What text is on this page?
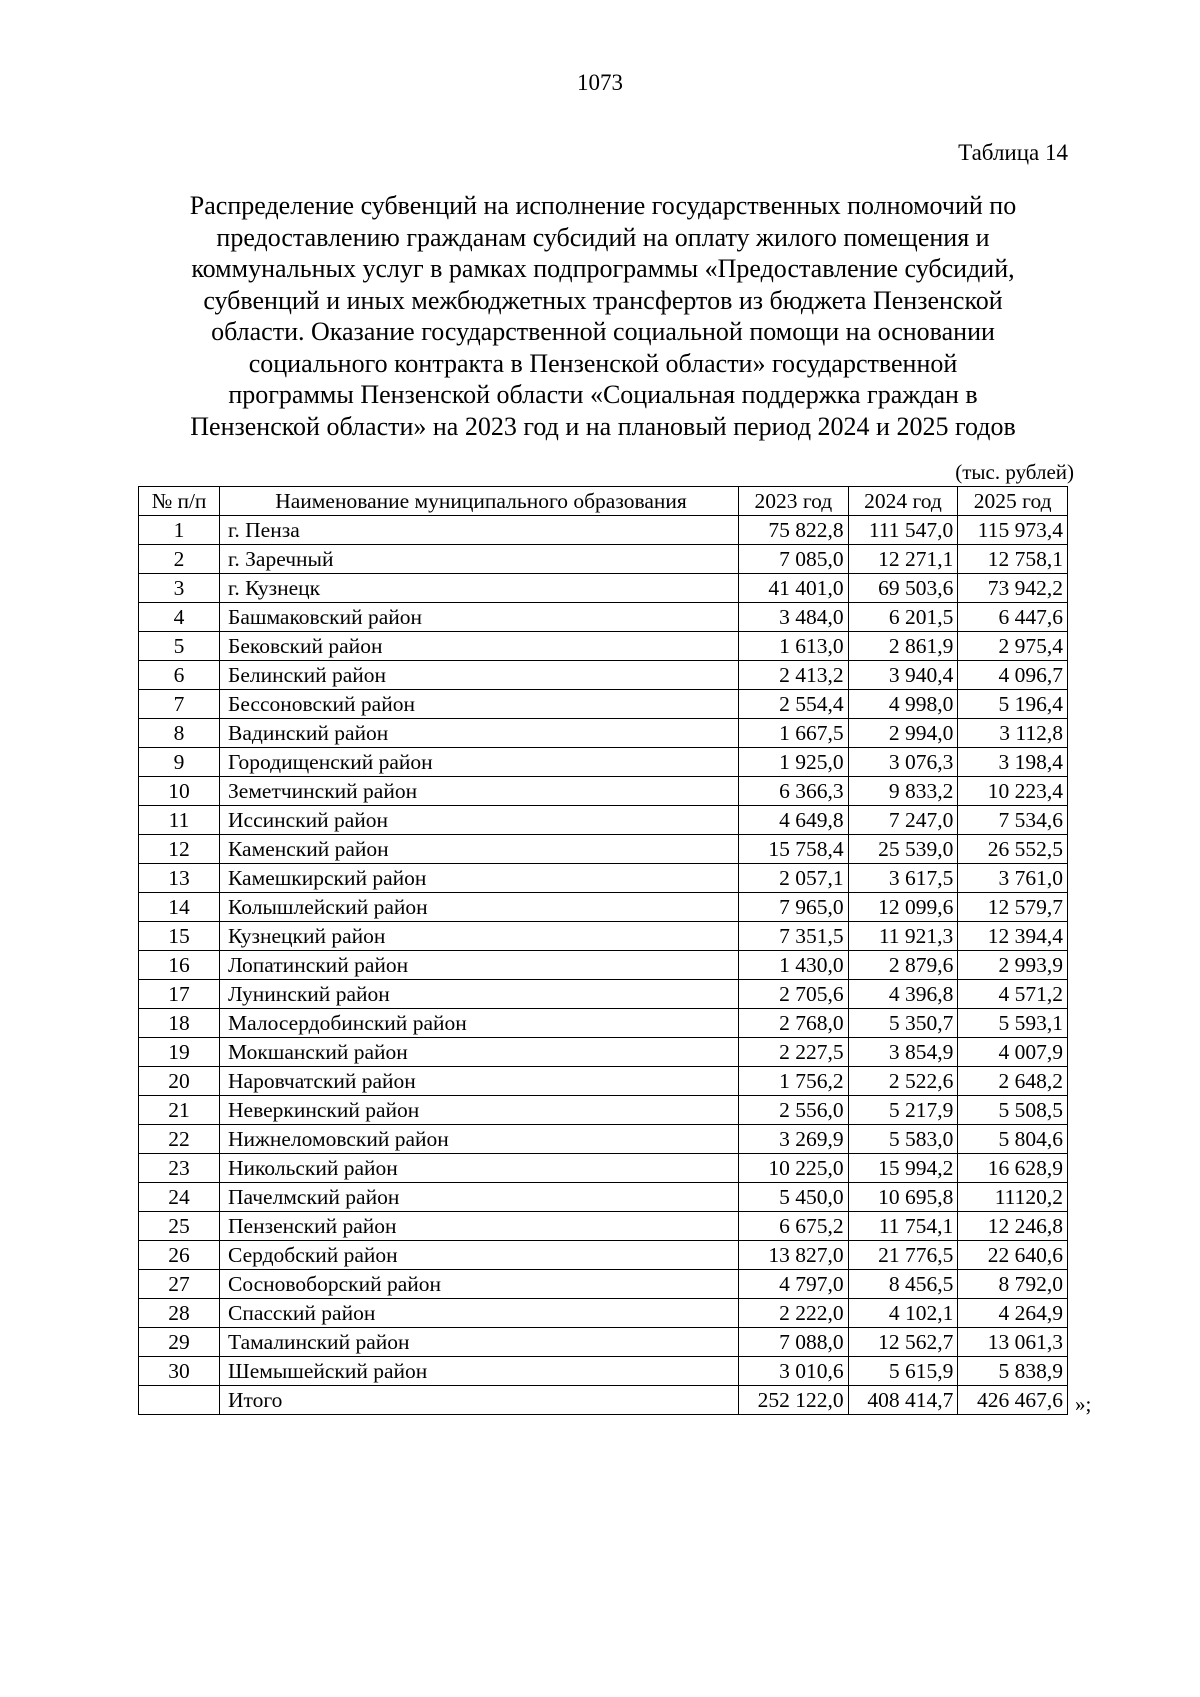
1073
Таблица 14
Распределение субвенций на исполнение государственных полномочий по
предоставлению гражданам субсидий на оплату жилого помещения и
коммунальных услуг в рамках подпрограммы «Предоставление субсидий,
субвенций и иных межбюджетных трансфертов из бюджета Пензенской
области. Оказание государственной социальной помощи на основании
социального контракта в Пензенской области» государственной
программы Пензенской области «Социальная поддержка граждан в
Пензенской области» на 2023 год и на плановый период 2024 и 2025 годов
(тыс. рублей)
№ п/п	Наименование муниципального образования	2023 год	2024 год	2025 год
1	г. Пенза	75 822,8	111 547,0	115 973,4
2	г. Заречный	7 085,0	12 271,1	12 758,1
3	г. Кузнецк	41 401,0	69 503,6	73 942,2
4	Башмаковский район	3 484,0	6 201,5	6 447,6
5	Бековский район	1 613,0	2 861,9	2 975,4
6	Белинский район	2 413,2	3 940,4	4 096,7
7	Бессоновский район	2 554,4	4 998,0	5 196,4
8	Вадинский район	1 667,5	2 994,0	3 112,8
9	Городищенский район	1 925,0	3 076,3	3 198,4
10	Земетчинский район	6 366,3	9 833,2	10 223,4
11	Иссинский район	4 649,8	7 247,0	7 534,6
12	Каменский район	15 758,4	25 539,0	26 552,5
13	Камешкирский район	2 057,1	3 617,5	3 761,0
14	Колышлейский район	7 965,0	12 099,6	12 579,7
15	Кузнецкий район	7 351,5	11 921,3	12 394,4
16	Лопатинский район	1 430,0	2 879,6	2 993,9
17	Лунинский район	2 705,6	4 396,8	4 571,2
18	Малосердобинский район	2 768,0	5 350,7	5 593,1
19	Мокшанский район	2 227,5	3 854,9	4 007,9
20	Наровчатский район	1 756,2	2 522,6	2 648,2
21	Неверкинский район	2 556,0	5 217,9	5 508,5
22	Нижнеломовский район	3 269,9	5 583,0	5 804,6
23	Никольский район	10 225,0	15 994,2	16 628,9
24	Пачелмский район	5 450,0	10 695,8	11120,2
25	Пензенский район	6 675,2	11 754,1	12 246,8
26	Сердобский район	13 827,0	21 776,5	22 640,6
27	Сосновоборский район	4 797,0	8 456,5	8 792,0
28	Спасский район	2 222,0	4 102,1	4 264,9
29	Тамалинский район	7 088,0	12 562,7	13 061,3
30	Шемышейский район	3 010,6	5 615,9	5 838,9
	Итого	252 122,0	408 414,7	426 467,6 »;
